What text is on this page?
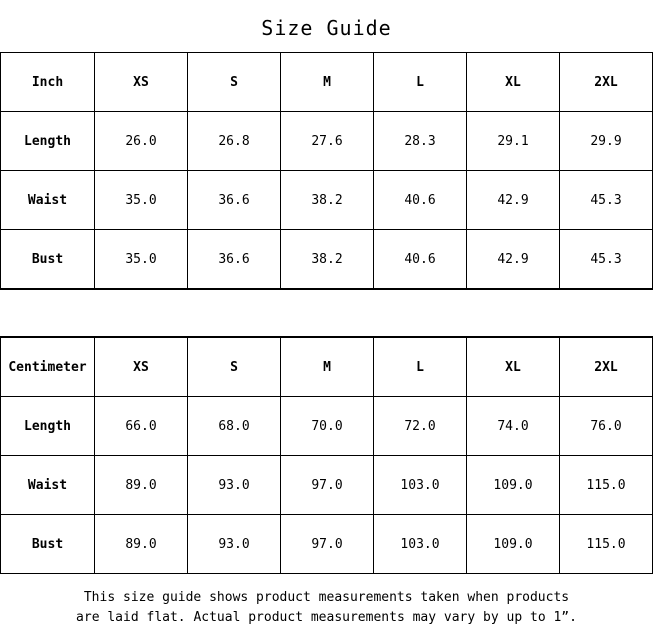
Size Guide
Inch	XS	S	M	L	XL	2XL
Length	26.0	26.8	27.6	28.3	29.1	29.9
Waist	35.0	36.6	38.2	40.6	42.9	45.3
Bust	35.0	36.6	38.2	40.6	42.9	45.3
Centimeter	XS	S	M	L	XL	2XL
Length	66.0	68.0	70.0	72.0	74.0	76.0
Waist	89.0	93.0	97.0	103.0	109.0	115.0
Bust	89.0	93.0	97.0	103.0	109.0	115.0
This size guide shows product measurements taken when products
are laid flat. Actual product measurements may vary by up to 1”.
